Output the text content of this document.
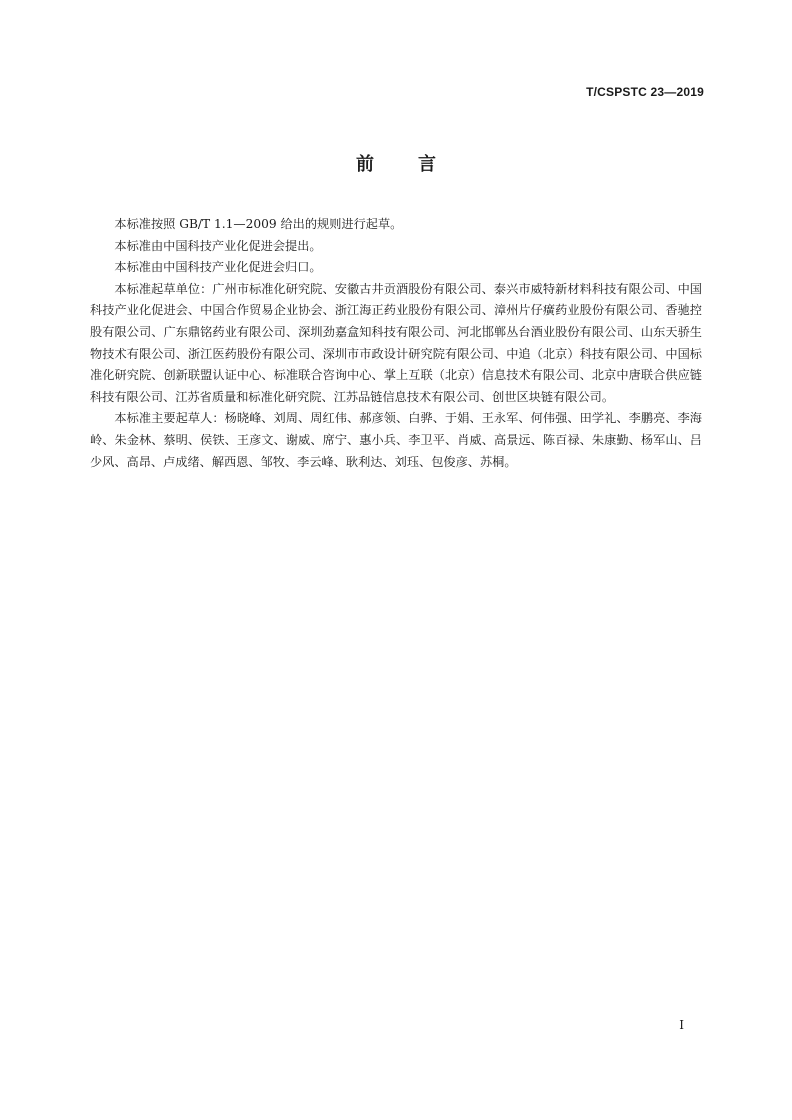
T/CSPSTC 23—2019
前 言

本标准按照 GB/T 1.1—2009 给出的规则进行起草。

本标准由中国科技产业化促进会提出。

本标准由中国科技产业化促进会归口。

本标准起草单位：广州市标准化研究院、安徽古井贡酒股份有限公司、泰兴市威特新材料科技有限公司、中国科技产业化促进会、中国合作贸易企业协会、浙江海正药业股份有限公司、漳州片仔癀药业股份有限公司、香驰控股有限公司、广东鼎铭药业有限公司、深圳劲嘉盒知科技有限公司、河北邯郸丛台酒业股份有限公司、山东天骄生物技术有限公司、浙江医药股份有限公司、深圳市市政设计研究院有限公司、中追（北京）科技有限公司、中国标准化研究院、创新联盟认证中心、标准联合咨询中心、掌上互联（北京）信息技术有限公司、北京中唐联合供应链科技有限公司、江苏省质量和标准化研究院、江苏品链信息技术有限公司、创世区块链有限公司。

本标准主要起草人：杨晓峰、刘周、周红伟、郝彦领、白骅、于娟、王永军、何伟强、田学礼、李鹏亮、李海岭、朱金林、蔡明、侯铁、王彦文、谢威、席宁、惠小兵、李卫平、肖威、高景远、陈百禄、朱康勤、杨军山、吕少风、高昂、卢成绪、解西恩、邹牧、李云峰、耿利达、刘珏、包俊彦、苏桐。

I
